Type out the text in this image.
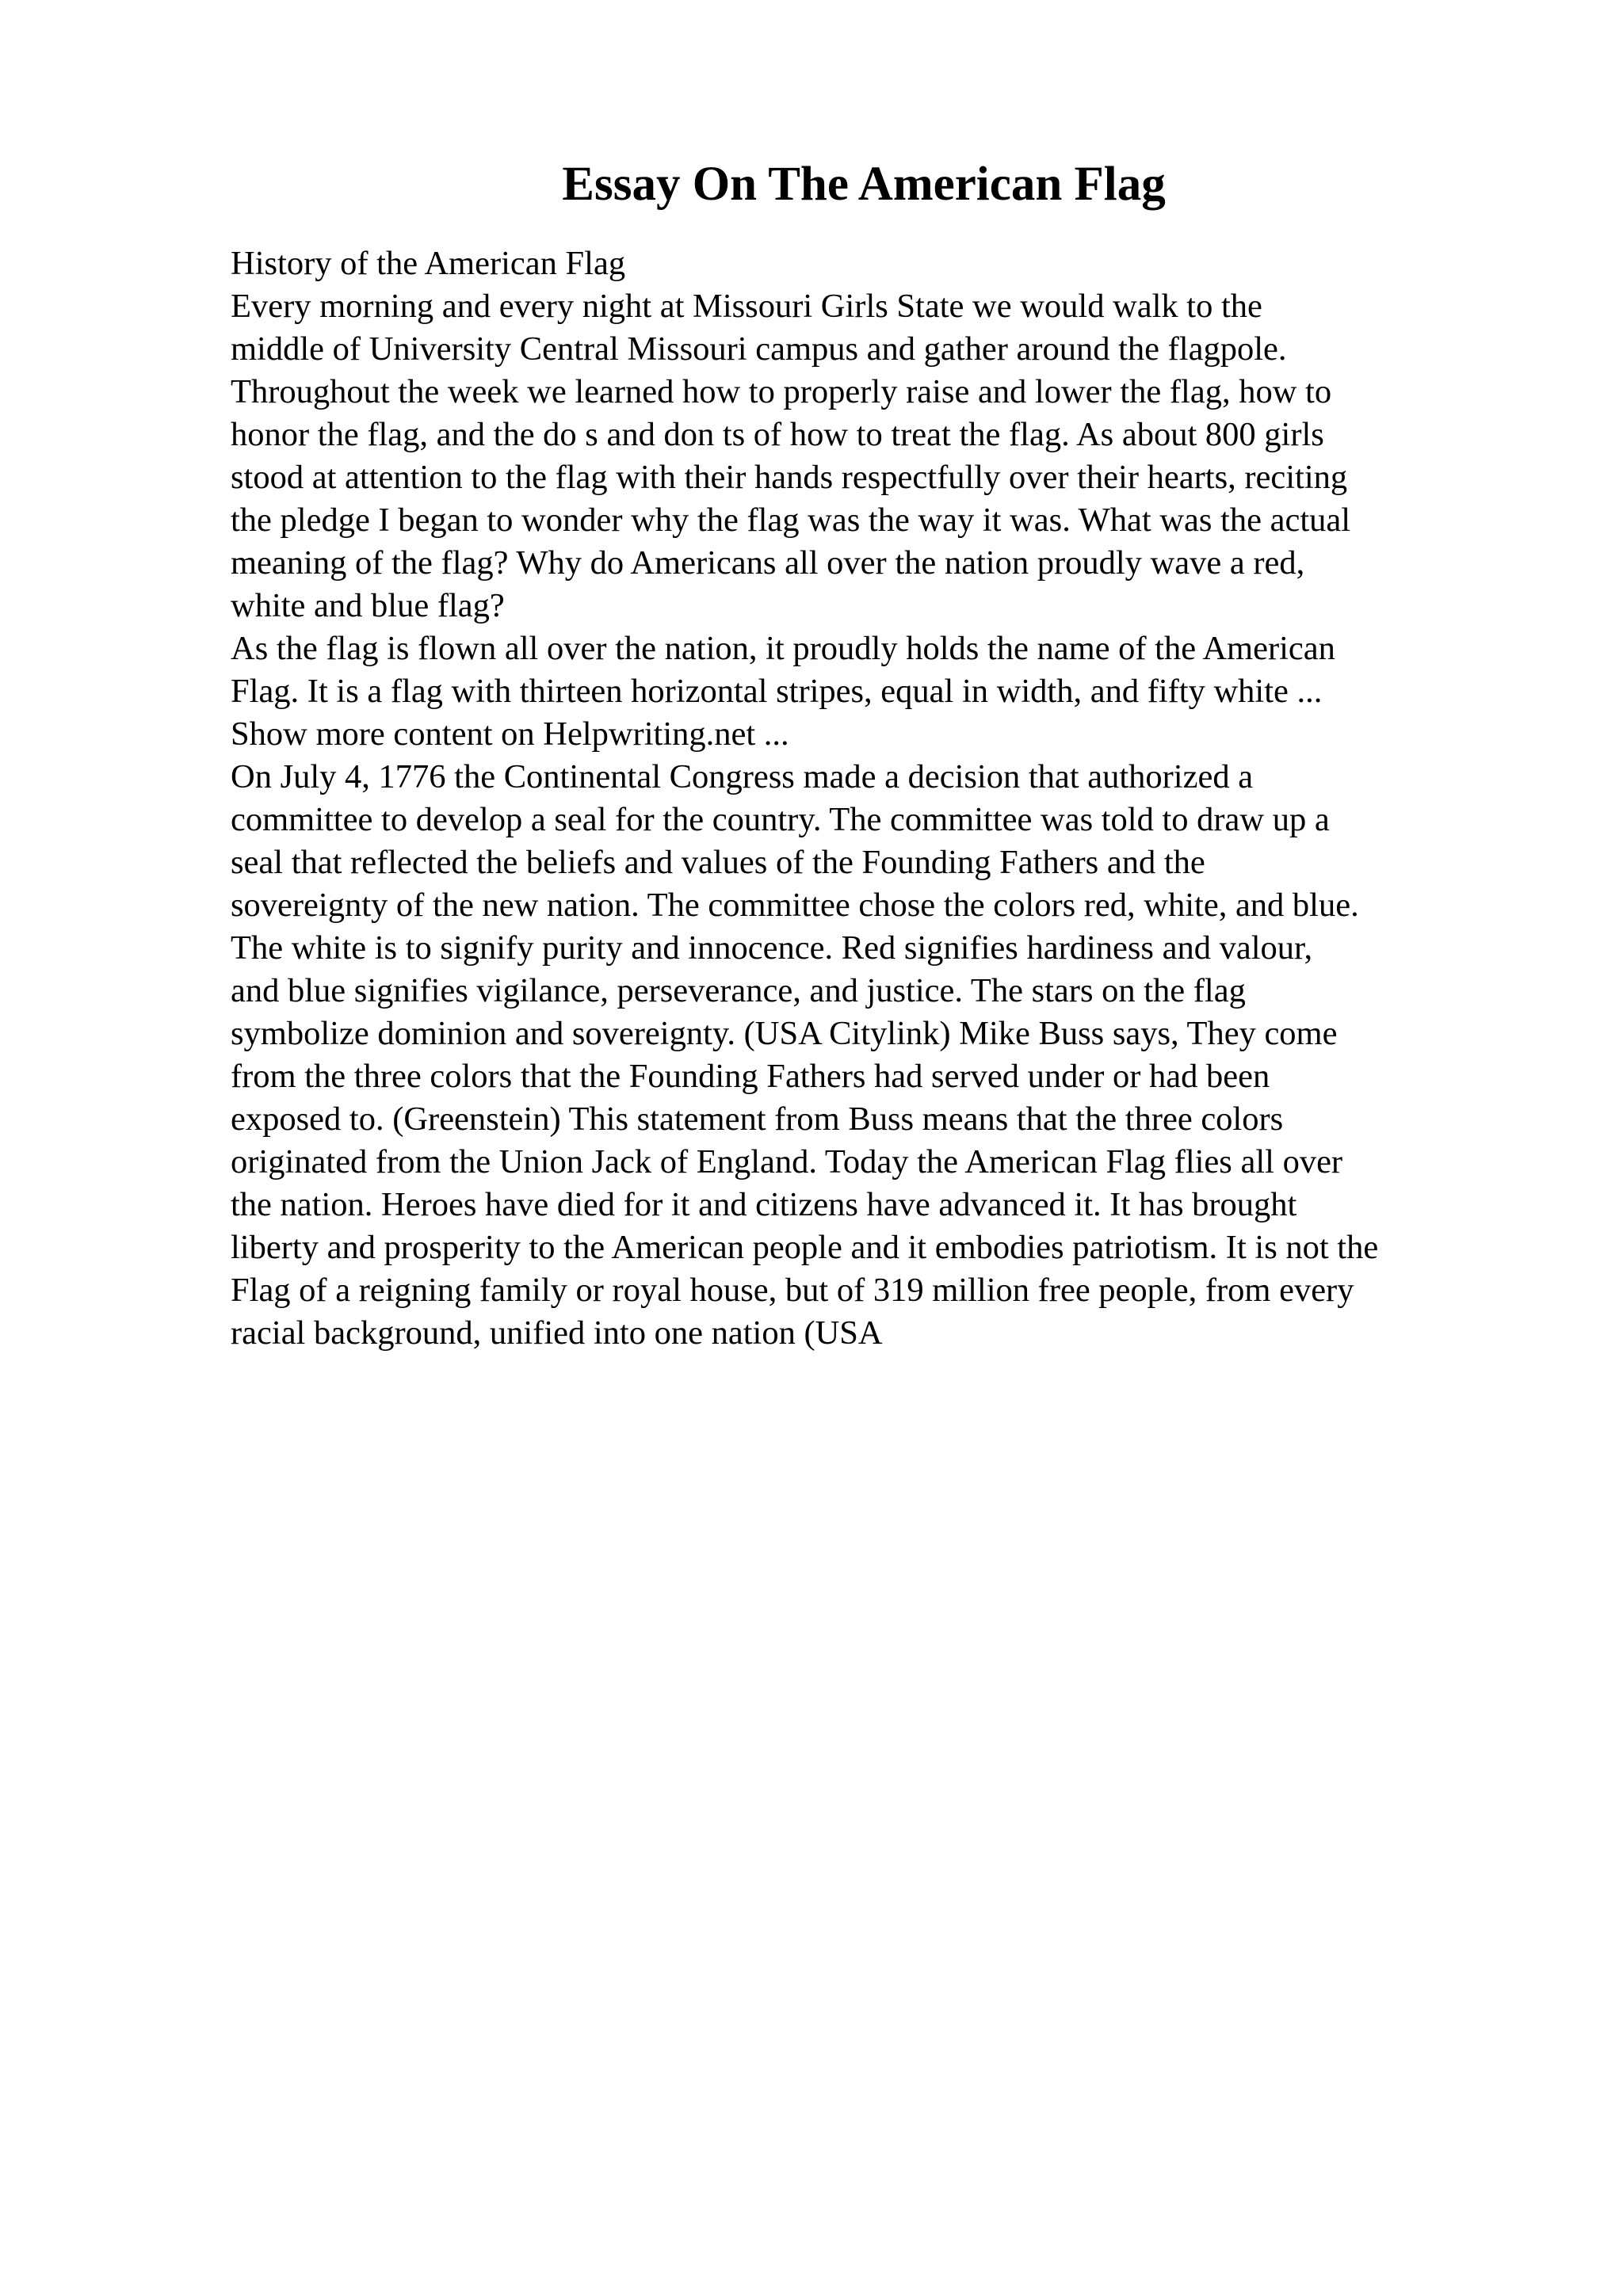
Essay On The American Flag
History of the American Flag
Every morning and every night at Missouri Girls State we would walk to the
middle of University Central Missouri campus and gather around the flagpole.
Throughout the week we learned how to properly raise and lower the flag, how to
honor the flag, and the do s and don ts of how to treat the flag. As about 800 girls
stood at attention to the flag with their hands respectfully over their hearts, reciting
the pledge I began to wonder why the flag was the way it was. What was the actual
meaning of the flag? Why do Americans all over the nation proudly wave a red,
white and blue flag?
As the flag is flown all over the nation, it proudly holds the name of the American
Flag. It is a flag with thirteen horizontal stripes, equal in width, and fifty white ...
Show more content on Helpwriting.net ...
On July 4, 1776 the Continental Congress made a decision that authorized a
committee to develop a seal for the country. The committee was told to draw up a
seal that reflected the beliefs and values of the Founding Fathers and the
sovereignty of the new nation. The committee chose the colors red, white, and blue.
The white is to signify purity and innocence. Red signifies hardiness and valour,
and blue signifies vigilance, perseverance, and justice. The stars on the flag
symbolize dominion and sovereignty. (USA Citylink) Mike Buss says, They come
from the three colors that the Founding Fathers had served under or had been
exposed to. (Greenstein) This statement from Buss means that the three colors
originated from the Union Jack of England. Today the American Flag flies all over
the nation. Heroes have died for it and citizens have advanced it. It has brought
liberty and prosperity to the American people and it embodies patriotism. It is not the
Flag of a reigning family or royal house, but of 319 million free people, from every
racial background, unified into one nation (USA
